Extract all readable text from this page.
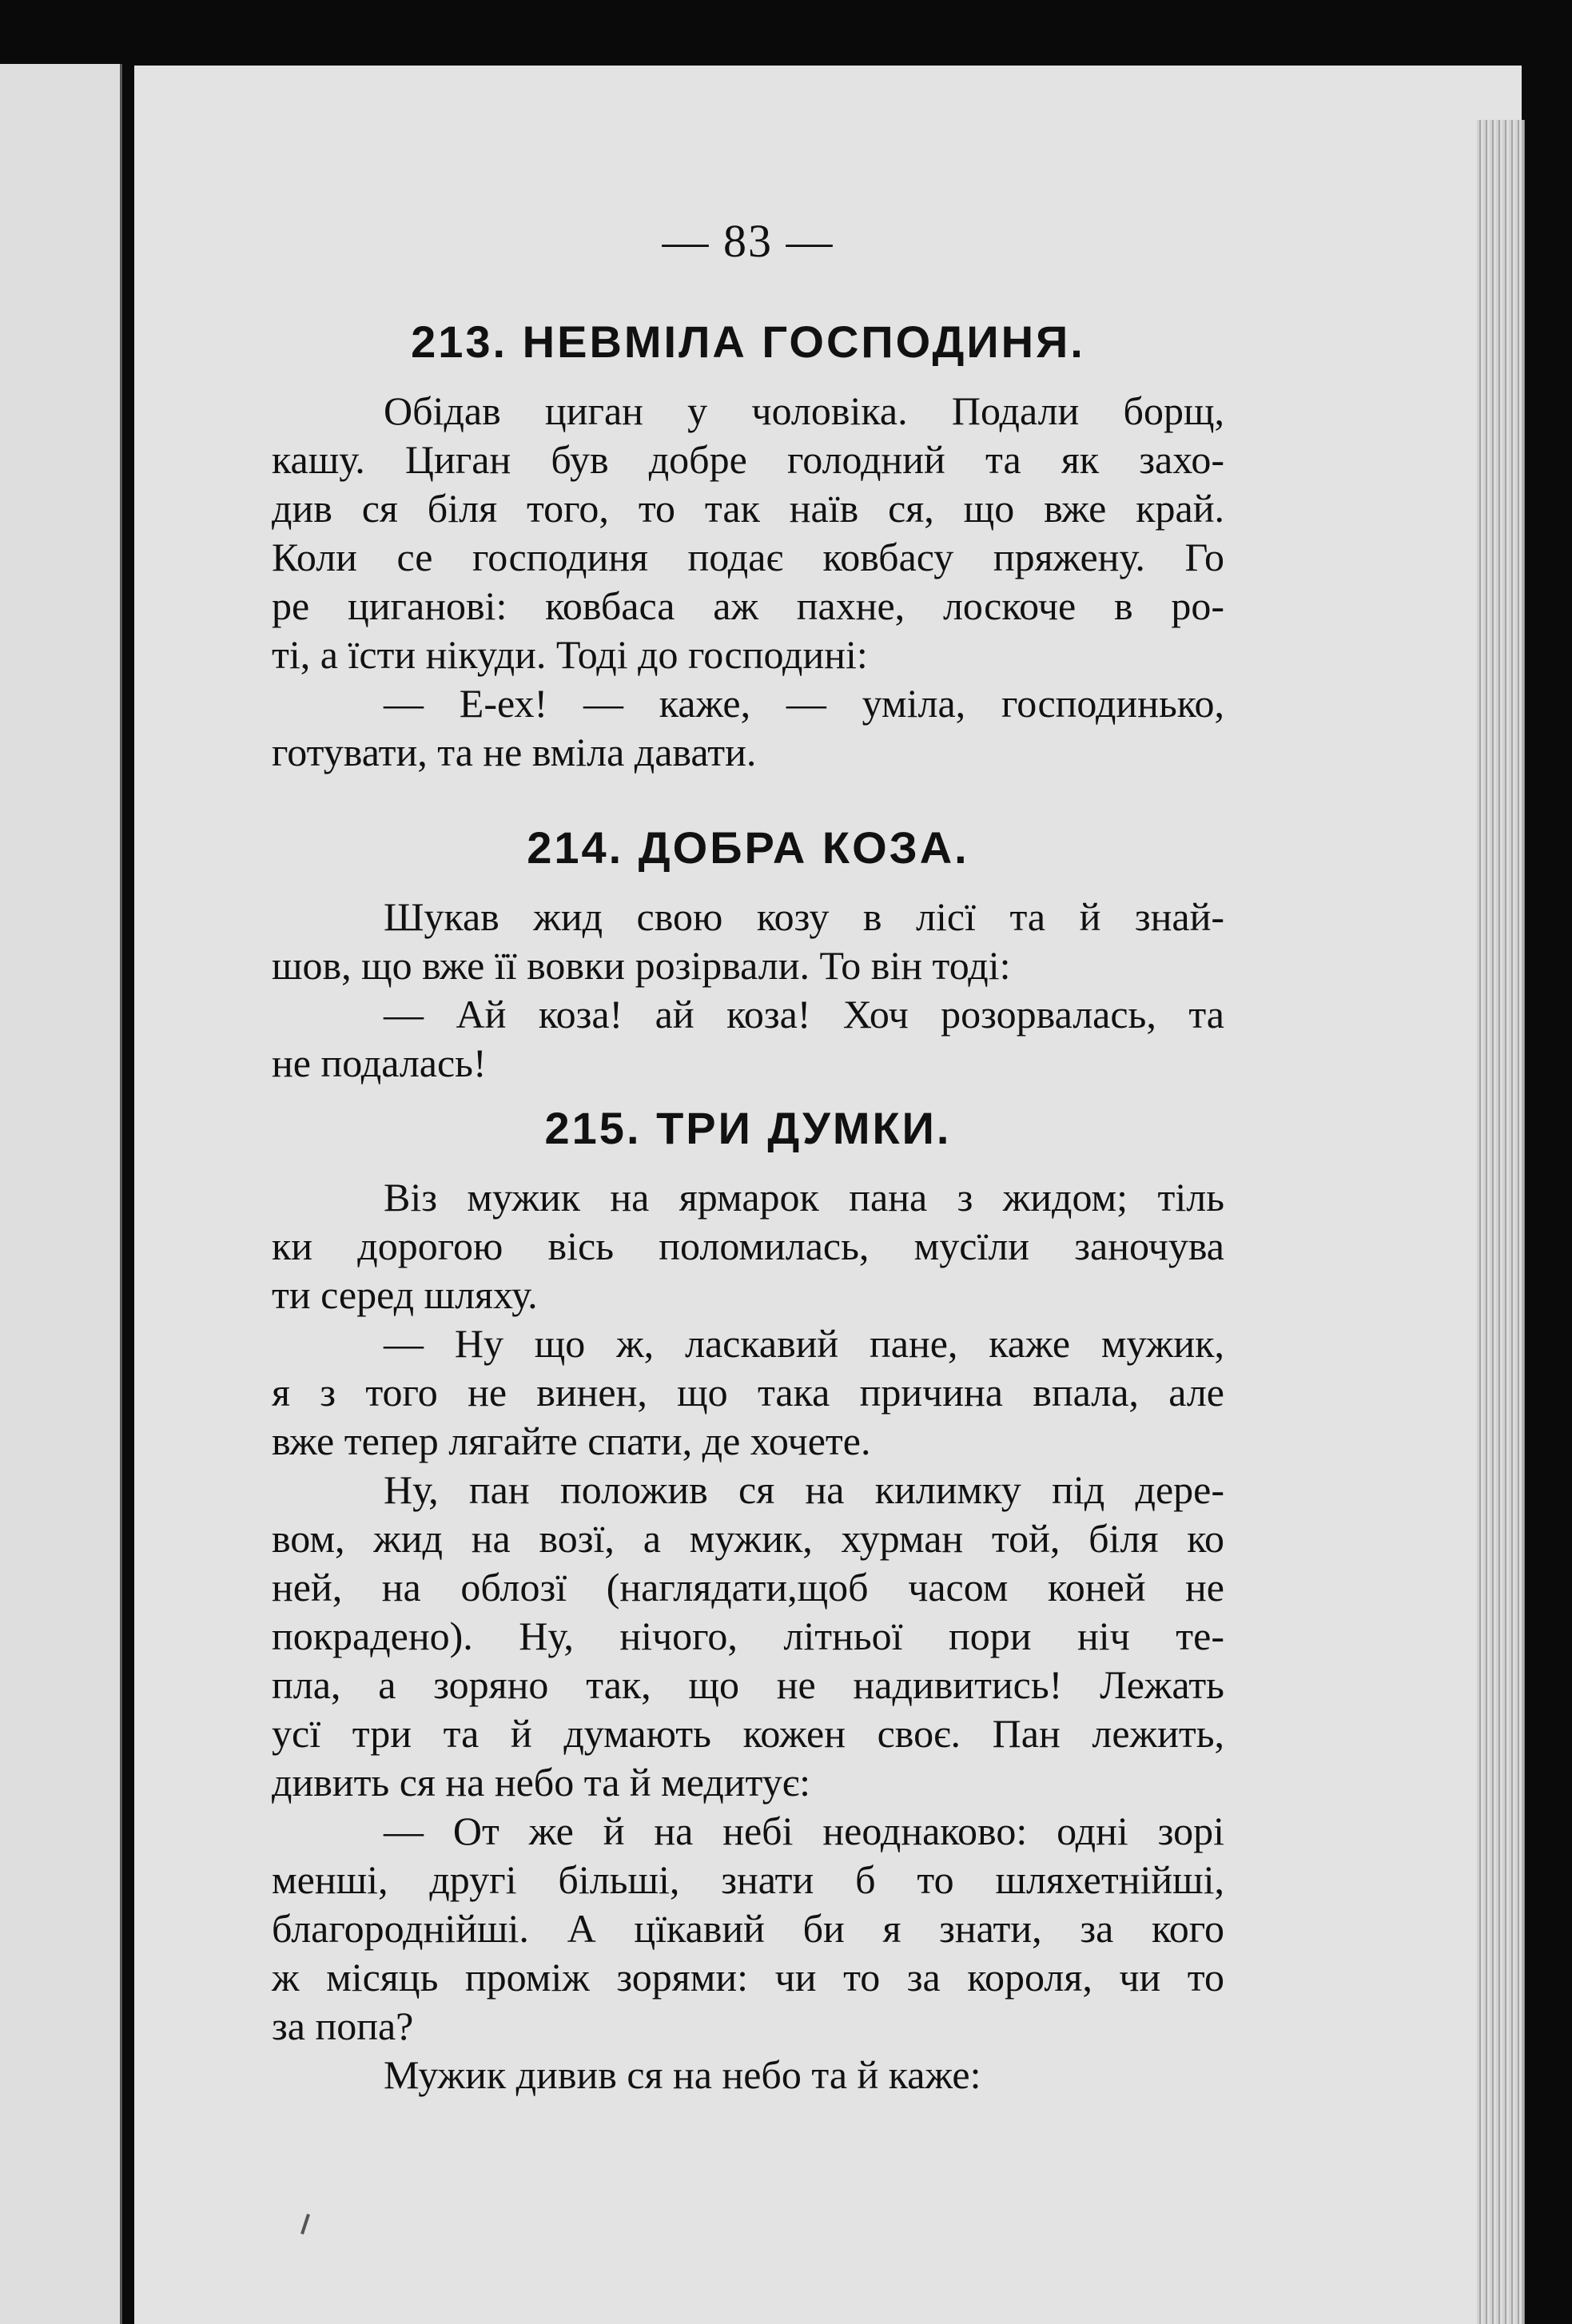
— 83 —
213. НЕВМІЛА ГОСПОДИНЯ.

Обідав циган у чоловіка. Подали борщ,

кашу. Циган був добре голодний та як захо-

див ся біля того, то так наїв ся, що вже край.

Коли се господиня подає ковбасу пряжену. Го

ре циганові: ковбаса аж пахне, лоскоче в ро-

ті, а їсти нікуди. Тоді до господині:

— Е-ех! — каже, — уміла, господинько,

готувати, та не вміла давати.

214. ДОБРА КОЗА.

Шукав жид свою козу в лісї та й знай-

шов, що вже її вовки розірвали. То він тоді:

— Ай коза! ай коза! Хоч розорвалась, та

не подалась!

215. ТРИ ДУМКИ.

Віз мужик на ярмарок пана з жидом; тіль

ки дорогою вісь поломилась, мусїли заночува

ти серед шляху.

— Ну що ж, ласкавий пане, каже мужик,

я з того не винен, що така причина впала, але

вже тепер лягайте спати, де хочете.

Ну, пан положив ся на килимку під дере-

вом, жид на возї, а мужик, хурман той, біля ко

ней, на облозї (наглядати,щоб часом коней не

покрадено). Ну, нічого, літньої пори ніч те-

пла, а зоряно так, що не надивитись! Лежать

усї три та й думають кожен своє. Пан лежить,

дивить ся на небо та й медитує:

— От же й на небі неоднаково: одні зорі

менші, другі більші, знати б то шляхетнійші,

благороднійші. А цїкавий би я знати, за кого

ж місяць проміж зорями: чи то за короля, чи то

за попа?

Мужик дивив ся на небо та й каже:
